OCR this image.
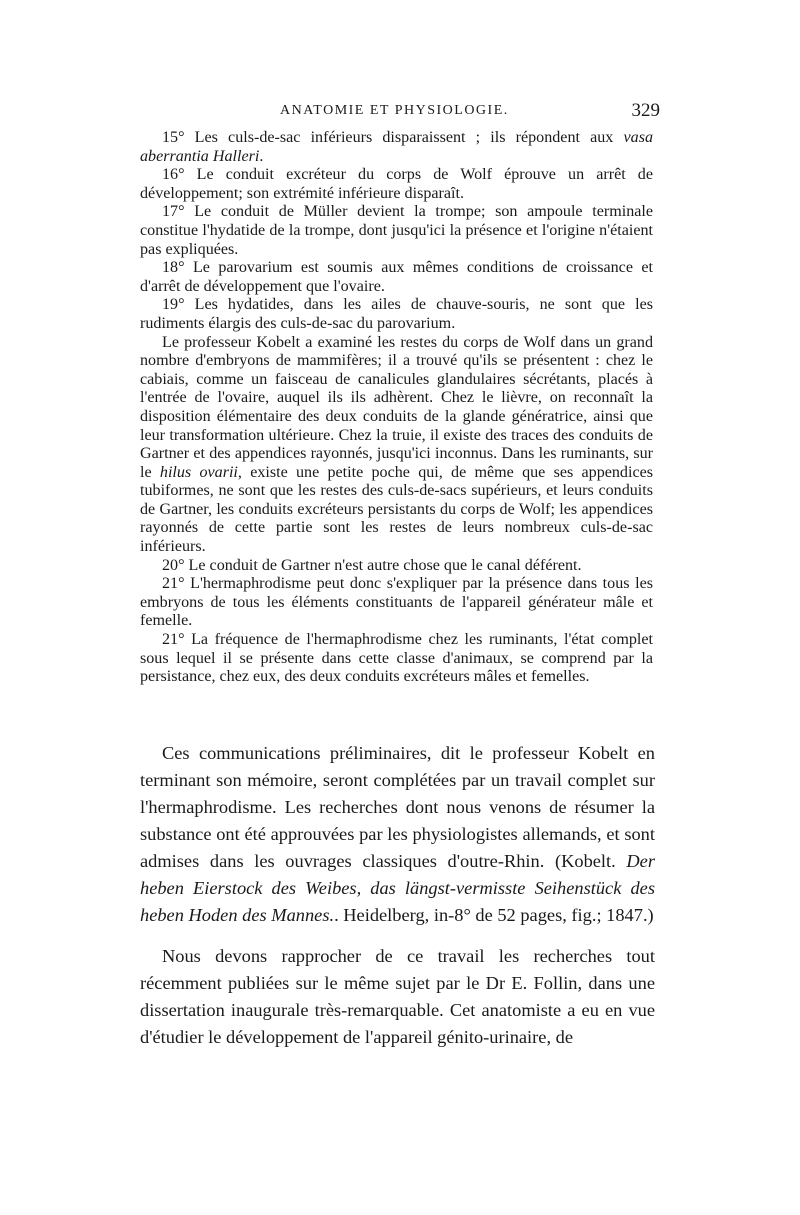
ANATOMIE ET PHYSIOLOGIE.	329

15° Les culs-de-sac inférieurs disparaissent ; ils répondent aux vasa aberrantia Halleri.

16° Le conduit excréteur du corps de Wolf éprouve un arrêt de développement; son extrémité inférieure disparaît.

17° Le conduit de Müller devient la trompe; son ampoule terminale constitue l'hydatide de la trompe, dont jusqu'ici la présence et l'origine n'étaient pas expliquées.

18° Le parovarium est soumis aux mêmes conditions de croissance et d'arrêt de développement que l'ovaire.

19° Les hydatides, dans les ailes de chauve-souris, ne sont que les rudiments élargis des culs-de-sac du parovarium.

Le professeur Kobelt a examiné les restes du corps de Wolf dans un grand nombre d'embryons de mammifères; il a trouvé qu'ils se présentent : chez le cabiais, comme un faisceau de canalicules glandulaires sécrétants, placés à l'entrée de l'ovaire, auquel ils ils adhèrent. Chez le lièvre, on reconnaît la disposition élémentaire des deux conduits de la glande génératrice, ainsi que leur transformation ultérieure. Chez la truie, il existe des traces des conduits de Gartner et des appendices rayonnés, jusqu'ici inconnus. Dans les ruminants, sur le hilus ovarii, existe une petite poche qui, de même que ses appendices tubiformes, ne sont que les restes des culs-de-sacs supérieurs, et leurs conduits de Gartner, les conduits excréteurs persistants du corps de Wolf; les appendices rayonnés de cette partie sont les restes de leurs nombreux culs-de-sac inférieurs.

20° Le conduit de Gartner n'est autre chose que le canal déférent.

21° L'hermaphrodisme peut donc s'expliquer par la présence dans tous les embryons de tous les éléments constituants de l'appareil générateur mâle et femelle.

21° La fréquence de l'hermaphrodisme chez les ruminants, l'état complet sous lequel il se présente dans cette classe d'animaux, se comprend par la persistance, chez eux, des deux conduits excréteurs mâles et femelles.

Ces communications préliminaires, dit le professeur Kobelt en terminant son mémoire, seront complétées par un travail complet sur l'hermaphrodisme. Les recherches dont nous venons de résumer la substance ont été approuvées par les physiologistes allemands, et sont admises dans les ouvrages classiques d'outre-Rhin. (Kobelt. Der heben Eierstock des Weibes, das längst-vermisste Seihenstück des heben Hoden des Mannes.. Heidelberg, in-8° de 52 pages, fig.; 1847.)

Nous devons rapprocher de ce travail les recherches tout récemment publiées sur le même sujet par le Dr E. Follin, dans une dissertation inaugurale très-remarquable. Cet anatomiste a eu en vue d'étudier le développement de l'appareil génito-urinaire, de
